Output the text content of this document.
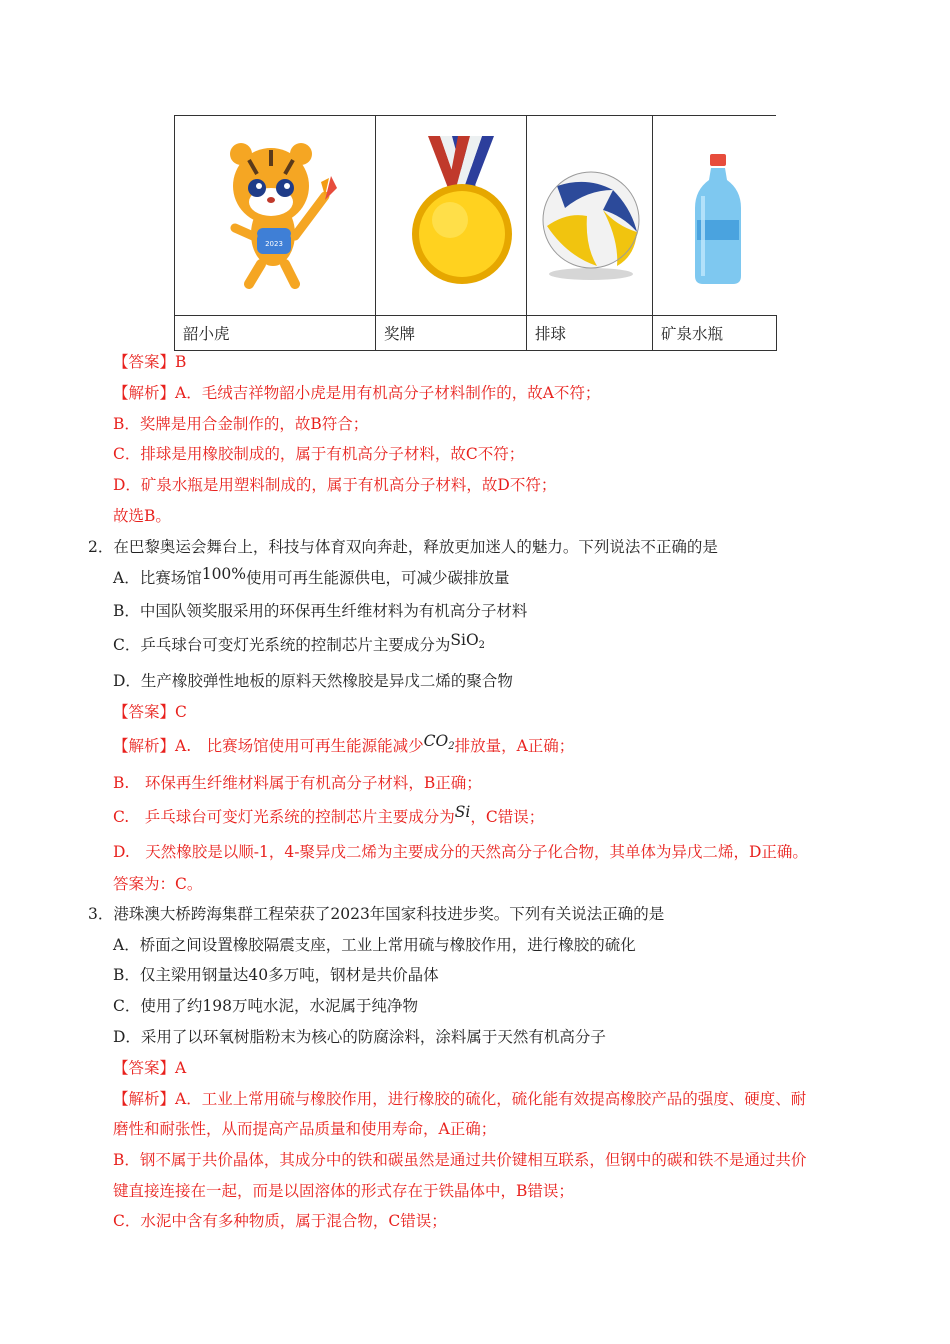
2023

韶小虎	奖牌	排球	矿泉水瓶
【答案】B
【解析】A．毛绒吉祥物韶小虎是用有机高分子材料制作的，故A不符；
B．奖牌是用合金制作的，故B符合；
C．排球是用橡胶制成的，属于有机高分子材料，故C不符；
D．矿泉水瓶是用塑料制成的，属于有机高分子材料，故D不符；
故选B。
2．在巴黎奥运会舞台上，科技与体育双向奔赴，释放更加迷人的魅力。下列说法不正确的是
A．比赛场馆100%使用可再生能源供电，可减少碳排放量
B．中国队领奖服采用的环保再生纤维材料为有机高分子材料
C．乒乓球台可变灯光系统的控制芯片主要成分为SiO$_2$
D．生产橡胶弹性地板的原料天然橡胶是异戊二烯的聚合物
【答案】C
【解析】A.　比赛场馆使用可再生能源能减少$CO_2$排放量，A正确；
B.　环保再生纤维材料属于有机高分子材料，B正确；
C.　乒乓球台可变灯光系统的控制芯片主要成分为Si，C错误；
D.　天然橡胶是以顺-1，4-聚异戊二烯为主要成分的天然高分子化合物，其单体为异戊二烯，D正确。
答案为：C。
3．港珠澳大桥跨海集群工程荣获了2023年国家科技进步奖。下列有关说法正确的是
A．桥面之间设置橡胶隔震支座，工业上常用硫与橡胶作用，进行橡胶的硫化
B．仅主梁用钢量达40多万吨，钢材是共价晶体
C．使用了约198万吨水泥，水泥属于纯净物
D．采用了以环氧树脂粉末为核心的防腐涂料，涂料属于天然有机高分子
【答案】A
【解析】A．工业上常用硫与橡胶作用，进行橡胶的硫化，硫化能有效提高橡胶产品的强度、硬度、耐
磨性和耐张性，从而提高产品质量和使用寿命，A正确；
B．钢不属于共价晶体，其成分中的铁和碳虽然是通过共价键相互联系，但钢中的碳和铁不是通过共价
键直接连接在一起，而是以固溶体的形式存在于铁晶体中，B错误；
C．水泥中含有多种物质，属于混合物，C错误；
